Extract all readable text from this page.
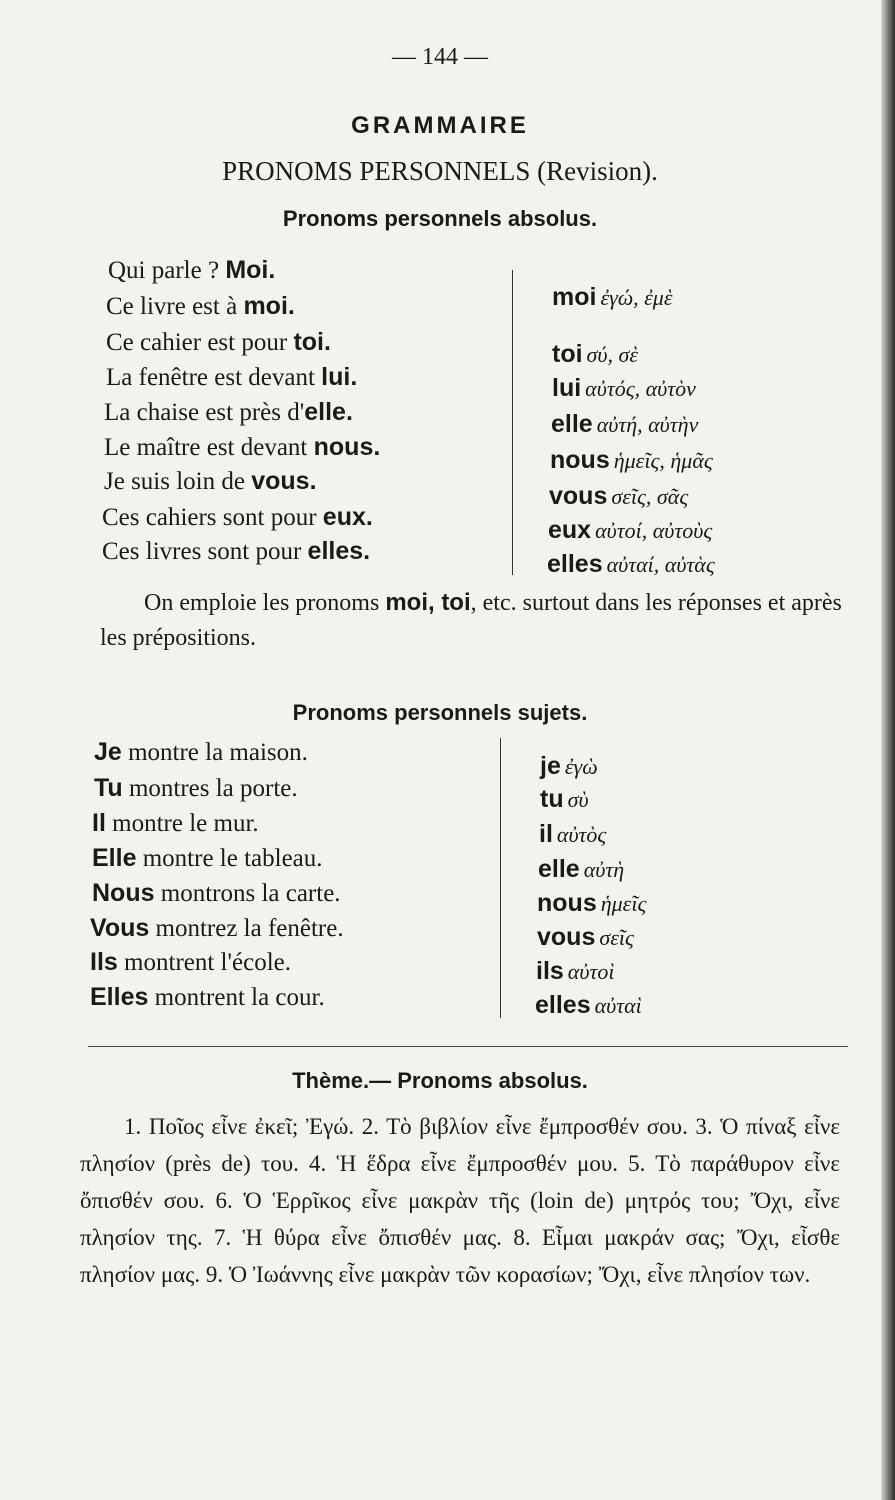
— 144 —
GRAMMAIRE
PRONOMS PERSONNELS (Revision).
Pronoms personnels absolus.
Qui parle ? Moi.
Ce livre est à moi.
Ce cahier est pour toi.
La fenêtre est devant lui.
La chaise est près d'elle.
Le maître est devant nous.
Je suis loin de vous.
Ces cahiers sont pour eux.
Ces livres sont pour elles.
moi ἐγώ, ἐμὲ
toi σύ, σὲ
lui αὐτός, αὐτὸν
elle αὐτή, αὐτὴν
nous ἡμεῖς, ἡμᾶς
vous σεῖς, σᾶς
eux αὐτοί, αὐτοὺς
elles αὐταί, αὐτὰς
On emploie les pronoms moi, toi, etc. surtout dans les réponses et après les prépositions.
Pronoms personnels sujets.
Je montre la maison.
Tu montres la porte.
Il montre le mur.
Elle montre le tableau.
Nous montrons la carte.
Vous montrez la fenêtre.
Ils montrent l'école.
Elles montrent la cour.
je ἐγὼ
tu σὺ
il αὐτὸς
elle αὐτὴ
nous ἡμεῖς
vous σεῖς
ils αὐτοὶ
elles αὐταὶ
Thème.— Pronoms absolus.
1. Ποῖος εἶνε ἐκεῖ; Ἐγώ. 2. Τὸ βιβλίον εἶνε ἔμπροσθέν σου. 3. Ὁ πίναξ εἶνε πλησίον (près de) του. 4. Ἡ ἕδρα εἶνε ἔμπροσθέν μου. 5. Τὸ παράθυρον εἶνε ὄπισθέν σου. 6. Ὁ Ἑρρῖκος εἶνε μακρὰν τῆς (loin de) μητρός του; Ὄχι, εἶνε πλησίον της. 7. Ἡ θύρα εἶνε ὄπισθέν μας. 8. Εἶμαι μακράν σας; Ὄχι, εἶσθε πλησίον μας. 9. Ὁ Ἰωάννης εἶνε μακρὰν τῶν κορασίων; Ὄχι, εἶνε πλησίον των.
